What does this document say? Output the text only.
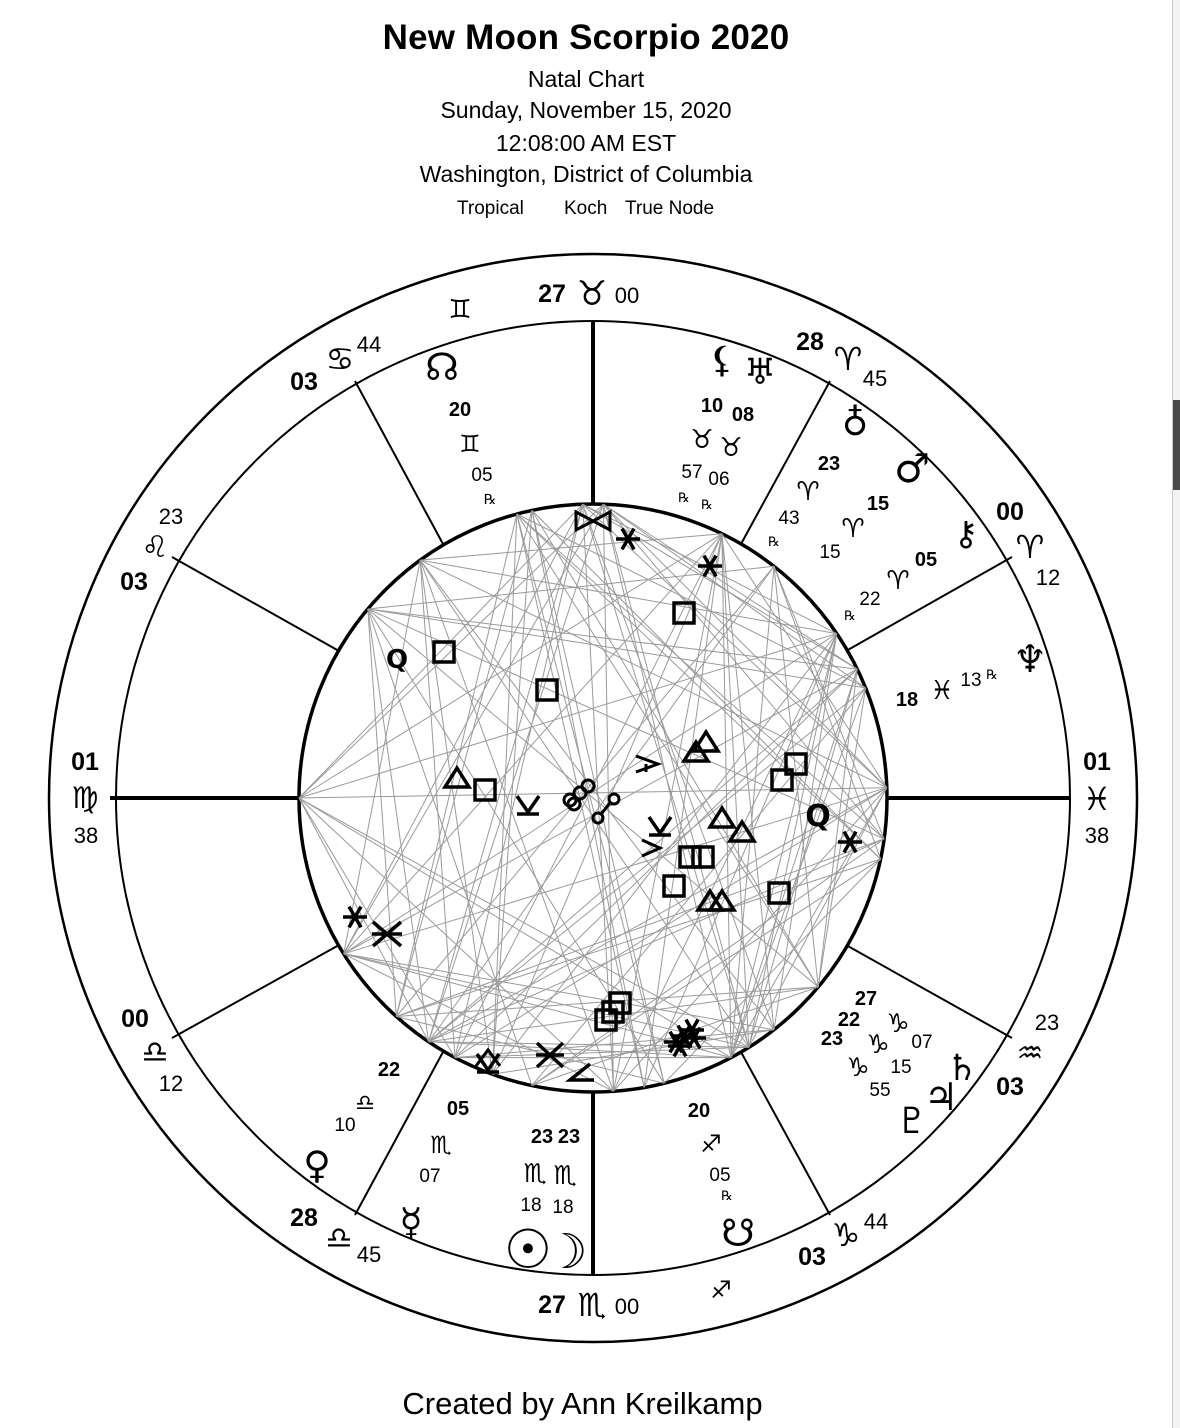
New Moon Scorpio 2020
Natal Chart
Sunday, November 15, 2020
12:08:00 AM EST
Washington, District of Columbia
Tropical Koch True Node
Q
Q
27 ♉ 00
27 ♏ 00
01
♍
38
01
♓
38
28 ♈
45
00
♈
12
03
♒
23
03
♑ 44
28
♎ 45
00
♎
12
03
♌
23
03
♋ 44
♊
♐
☊
20
♊
05
℞
⚸ ♅
10 08
♉ ♉
57 06
℞ ℞
♀
23
♈
43
℞
♂
15
♈
15	⚷
05
♈
22
℞
♆
18 ♓ 13 ℞
27
22
23 ♑
♑
♑
07
15
55
♄
♃
♇
20
♐
05
℞
☋
23 23
♏ ♏
18 18
☉
☽
05
♏
07
☿
22
♎
10
♀
Created by Ann Kreilkamp
